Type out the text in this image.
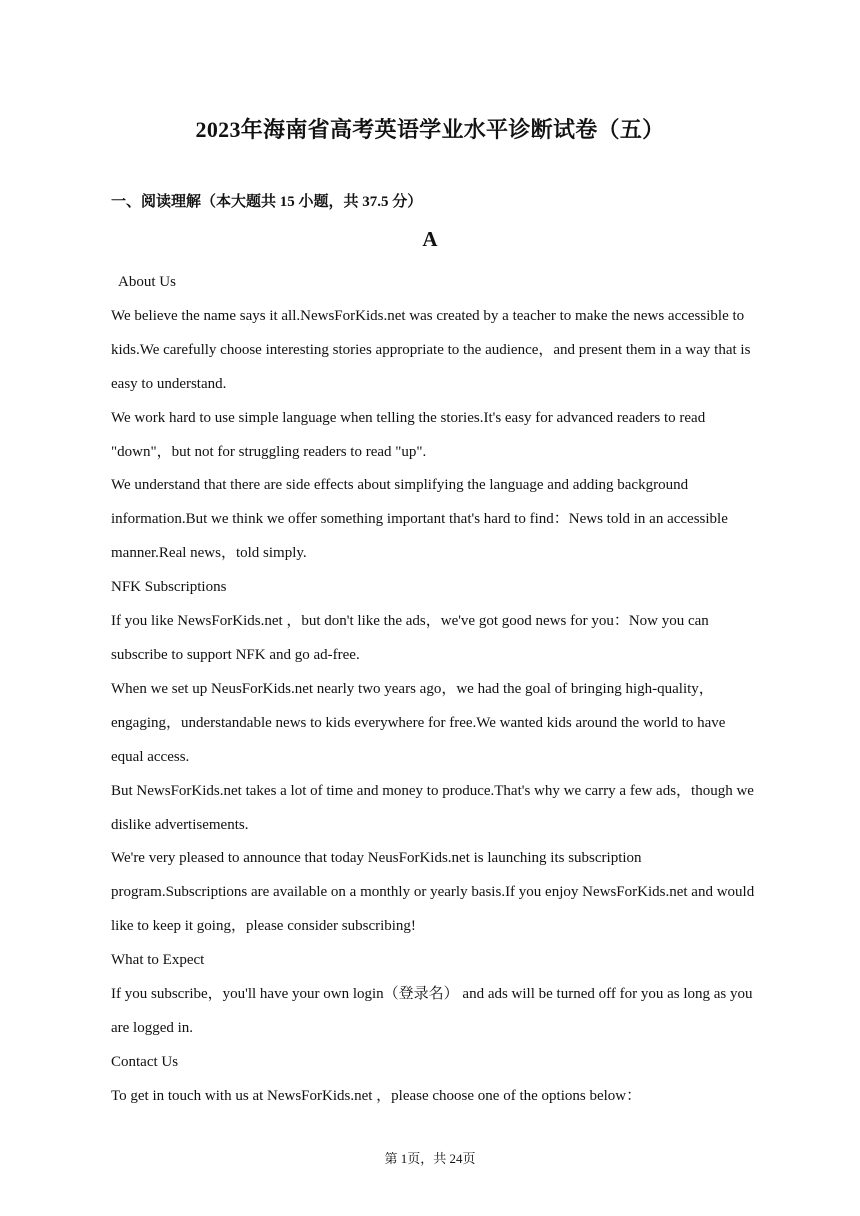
2023年海南省高考英语学业水平诊断试卷（五）
一、阅读理解（本大题共 15 小题，共 37.5 分）
A

About Us

We believe the name says it all.NewsForKids.net was created by a teacher to make the news accessible to kids.We carefully choose interesting stories appropriate to the audience，and present them in a way that is easy to understand.

We work hard to use simple language when telling the stories.It's easy for advanced readers to read "down"，but not for struggling readers to read "up".

We understand that there are side effects about simplifying the language and adding background information.But we think we offer something important that's hard to find：News told in an accessible manner.Real news，told simply.

NFK Subscriptions

If you like NewsForKids.net ，but don't like the ads，we've got good news for you：Now you can subscribe to support NFK and go ad-free.

When we set up NeusForKids.net nearly two years ago，we had the goal of bringing high-quality，engaging，understandable news to kids everywhere for free.We wanted kids around the world to have equal access.

But NewsForKids.net takes a lot of time and money to produce.That's why we carry a few ads，though we dislike advertisements.

We're very pleased to announce that today NeusForKids.net is launching its subscription program.Subscriptions are available on a monthly or yearly basis.If you enjoy NewsForKids.net and would like to keep it going，please consider subscribing!

What to Expect

If you subscribe，you'll have your own login（登录名） and ads will be turned off for you as long as you are logged in.

Contact Us

To get in touch with us at NewsForKids.net ，please choose one of the options below：

第 1页，共 24页
